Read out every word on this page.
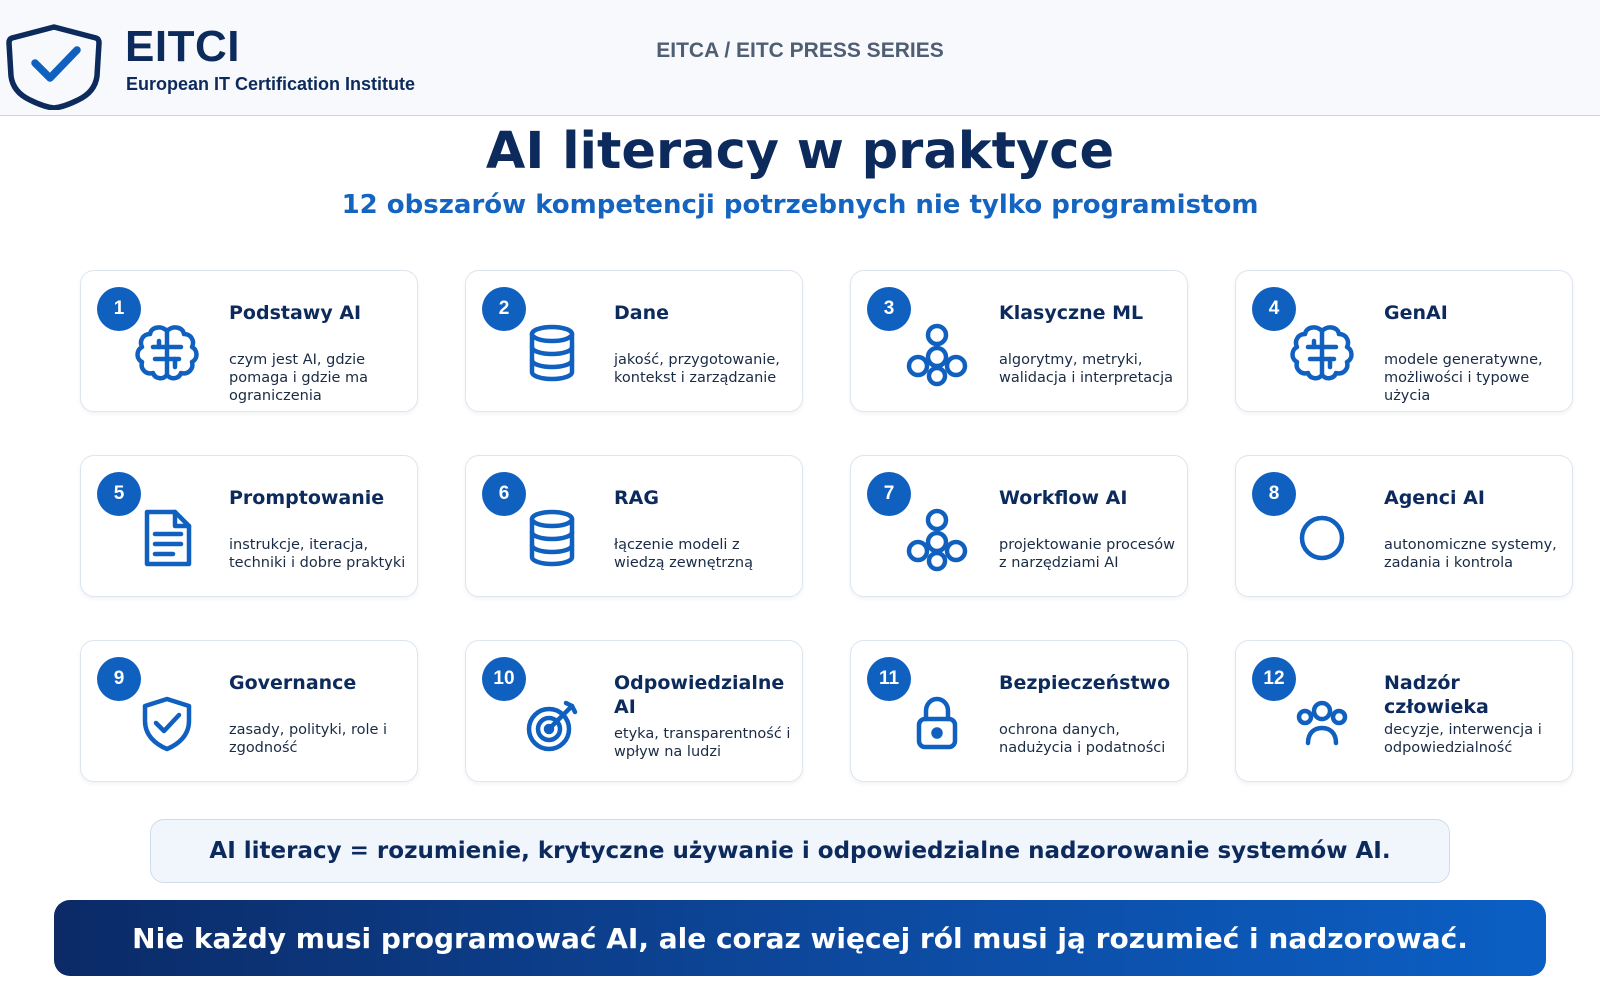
EITCI
European IT Certification Institute
EITCA / EITC PRESS SERIES
AI literacy w praktyce
12 obszarów kompetencji potrzebnych nie tylko programistom
1	Podstawy AI
czym jest AI, gdzie pomaga i gdzie ma ograniczenia
2	Dane
jakość, przygotowanie, kontekst i zarządzanie
3	Klasyczne ML
algorytmy, metryki, walidacja i interpretacja
4	GenAI
modele generatywne, możliwości i typowe użycia
5	Promptowanie
instrukcje, iteracja, techniki i dobre praktyki
6	RAG
łączenie modeli z wiedzą zewnętrzną
7	Workflow AI
projektowanie procesów z narzędziami AI
8	Agenci AI
autonomiczne systemy, zadania i kontrola
9	Governance
zasady, polityki, role i zgodność
10	Odpowiedzialne AI
etyka, transparentność i wpływ na ludzi
11	Bezpieczeństwo
ochrona danych, nadużycia i podatności
12	Nadzór człowieka
decyzje, interwencja i odpowiedzialność
AI literacy = rozumienie, krytyczne używanie i odpowiedzialne nadzorowanie systemów AI.
Nie każdy musi programować AI, ale coraz więcej ról musi ją rozumieć i nadzorować.
